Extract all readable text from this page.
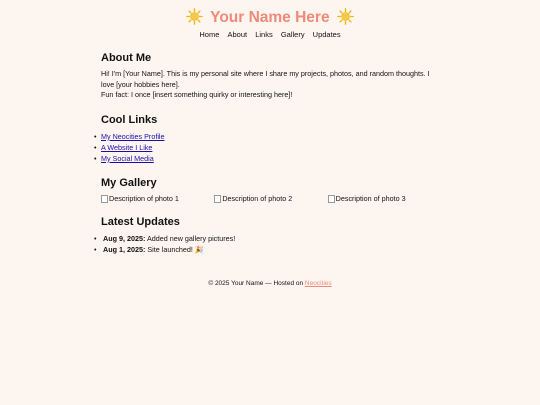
Your Name Here
Home About Links Gallery Updates
About Me

Hi! I'm [Your Name]. This is my personal site where I share my projects, photos, and random thoughts. I love [your hobbies here].

Fun fact: I once [insert something quirky or interesting here]!

Cool Links
• My Neocities Profile
• A Website I Like
• My Social Media
My Gallery
Description of photo 1	Description of photo 2	Description of photo 3
Latest Updates
• Aug 9, 2025: Added new gallery pictures!
• Aug 1, 2025: Site launched! 🎉
© 2025 Your Name — Hosted on Neocities
